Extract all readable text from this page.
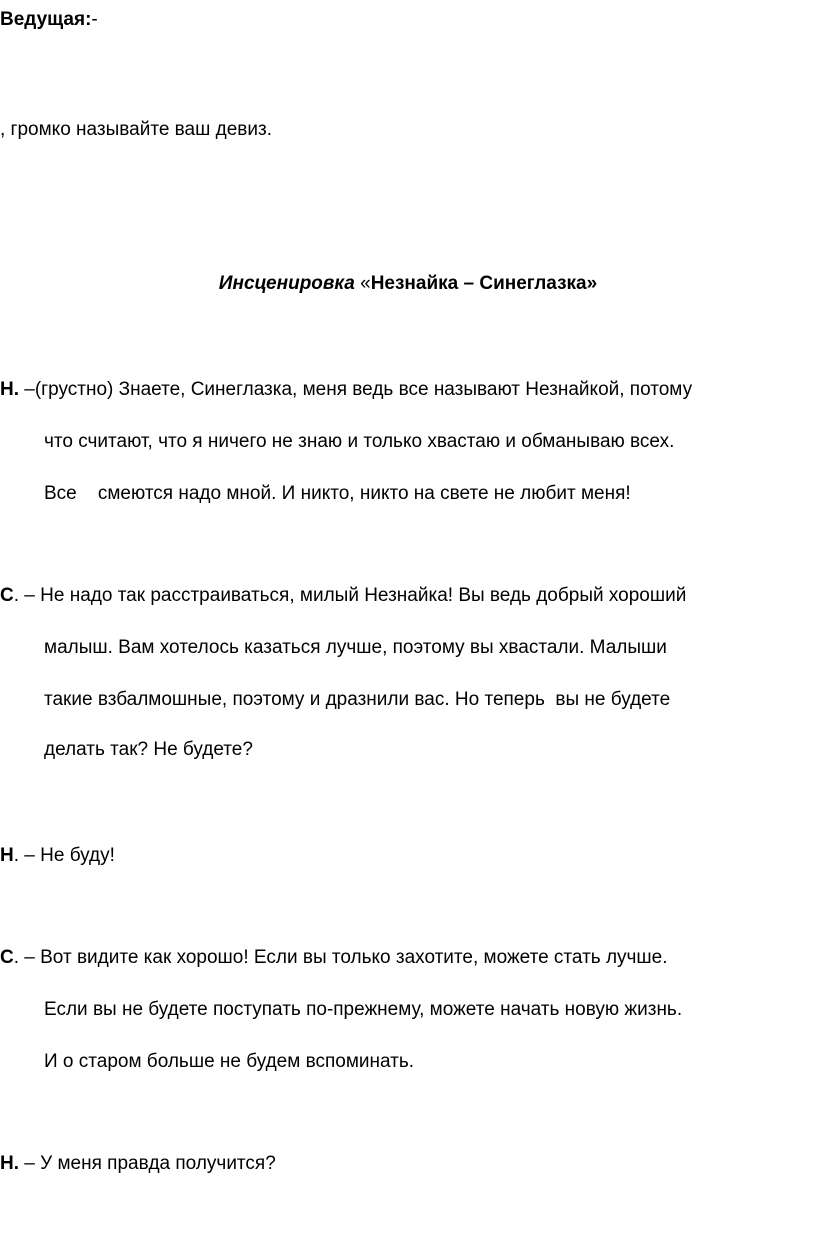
Ведущая:-

, громко называйте ваш девиз.

Инсценировка «Незнайка – Синеглазка»

Н. –(грустно) Знаете, Синеглазка, меня ведь все называют Незнайкой, потому

что считают, что я ничего не знаю и только хвастаю и обманываю всех.

Все    смеются надо мной. И никто, никто на свете не любит меня!

С. – Не надо так расстраиваться, милый Незнайка! Вы ведь добрый хороший

малыш. Вам хотелось казаться лучше, поэтому вы хвастали. Малыши

такие взбалмошные, поэтому и дразнили вас. Но теперь  вы не будете

делать так? Не будете?

Н. – Не буду!

С. – Вот видите как хорошо! Если вы только захотите, можете стать лучше.

Если вы не будете поступать по-прежнему, можете начать новую жизнь.

И о старом больше не будем вспоминать.

Н. – У меня правда получится?
